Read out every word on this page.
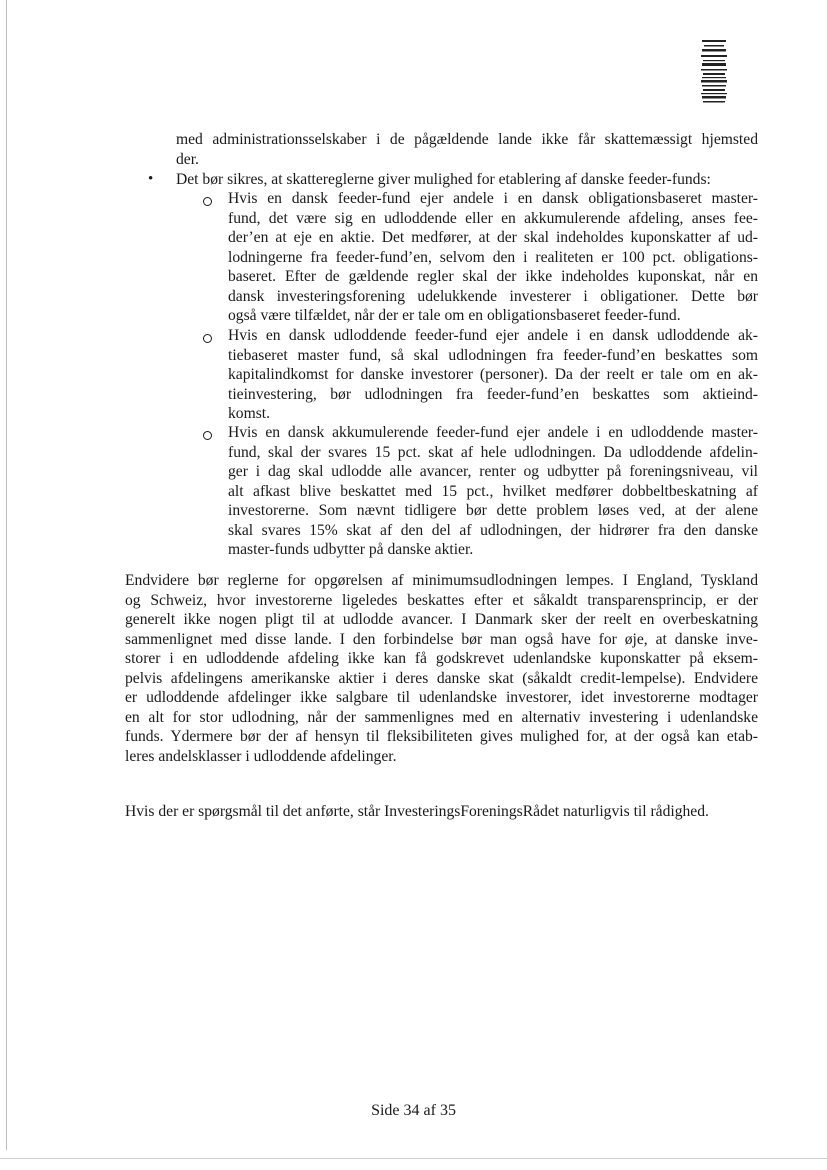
med administrationsselskaber i de pågældende lande ikke får skattemæssigt hjemsted
der.
• Det bør sikres, at skattereglerne giver mulighed for etablering af danske feeder-funds:
Hvis en dansk feeder-fund ejer andele i en dansk obligationsbaseret master-
fund, det være sig en udloddende eller en akkumulerende afdeling, anses fee-
der’en at eje en aktie. Det medfører, at der skal indeholdes kuponskatter af ud-
lodningerne fra feeder-fund’en, selvom den i realiteten er 100 pct. obligations-
baseret. Efter de gældende regler skal der ikke indeholdes kuponskat, når en
dansk investeringsforening udelukkende investerer i obligationer. Dette bør
også være tilfældet, når der er tale om en obligationsbaseret feeder-fund.
Hvis en dansk udloddende feeder-fund ejer andele i en dansk udloddende ak-
tiebaseret master fund, så skal udlodningen fra feeder-fund’en beskattes som
kapitalindkomst for danske investorer (personer). Da der reelt er tale om en ak-
tieinvestering, bør udlodningen fra feeder-fund’en beskattes som aktieind-
komst.
Hvis en dansk akkumulerende feeder-fund ejer andele i en udloddende master-
fund, skal der svares 15 pct. skat af hele udlodningen. Da udloddende afdelin-
ger i dag skal udlodde alle avancer, renter og udbytter på foreningsniveau, vil
alt afkast blive beskattet med 15 pct., hvilket medfører dobbeltbeskatning af
investorerne. Som nævnt tidligere bør dette problem løses ved, at der alene
skal svares 15% skat af den del af udlodningen, der hidrører fra den danske
master-funds udbytter på danske aktier.
Endvidere bør reglerne for opgørelsen af minimumsudlodningen lempes. I England, Tyskland
og Schweiz, hvor investorerne ligeledes beskattes efter et såkaldt transparensprincip, er der
generelt ikke nogen pligt til at udlodde avancer. I Danmark sker der reelt en overbeskatning
sammenlignet med disse lande. I den forbindelse bør man også have for øje, at danske inve-
storer i en udloddende afdeling ikke kan få godskrevet udenlandske kuponskatter på eksem-
pelvis afdelingens amerikanske aktier i deres danske skat (såkaldt credit-lempelse). Endvidere
er udloddende afdelinger ikke salgbare til udenlandske investorer, idet investorerne modtager
en alt for stor udlodning, når der sammenlignes med en alternativ investering i udenlandske
funds. Ydermere bør der af hensyn til fleksibiliteten gives mulighed for, at der også kan etab-
leres andelsklasser i udloddende afdelinger.
Hvis der er spørgsmål til det anførte, står InvesteringsForeningsRådet naturligvis til rådighed.
Side 34 af 35
